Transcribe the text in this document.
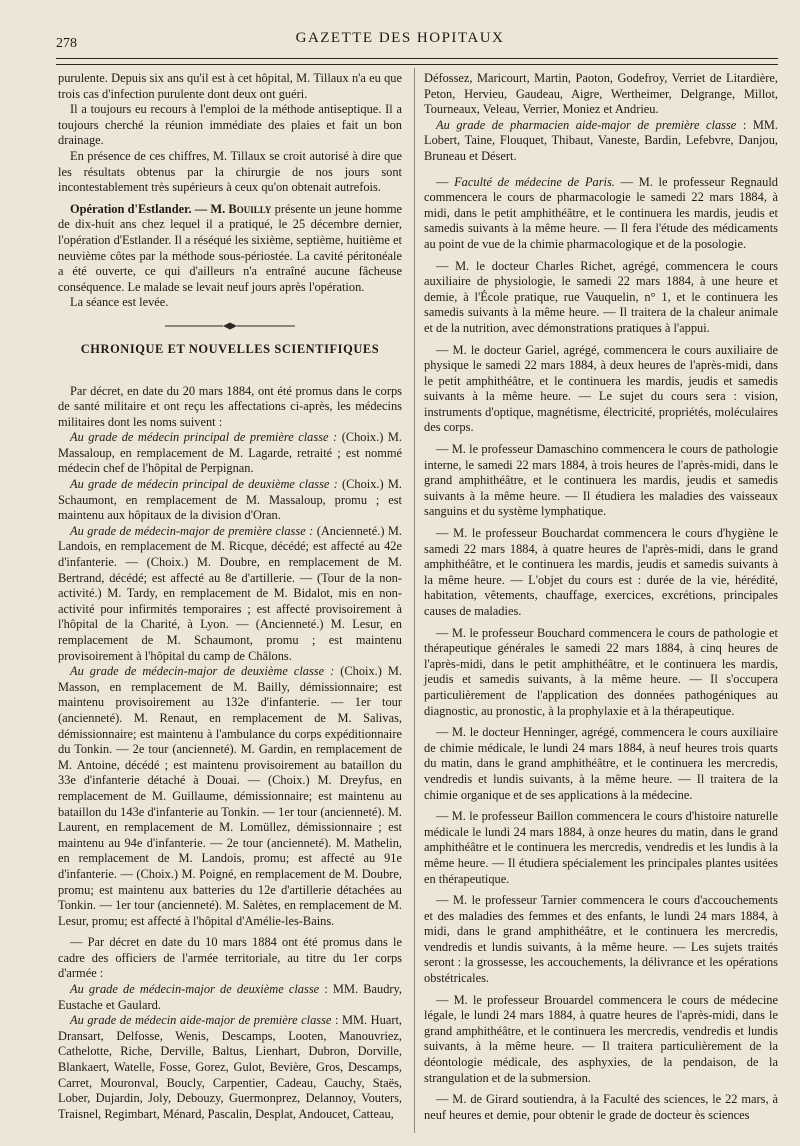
278	GAZETTE DES HOPITAUX

purulente. Depuis six ans qu'il est à cet hôpital, M. Tillaux n'a eu que trois cas d'infection purulente dont deux ont guéri.

Il a toujours eu recours à l'emploi de la méthode antiseptique. Il a toujours cherché la réunion immédiate des plaies et fait un bon drainage.

En présence de ces chiffres, M. Tillaux se croit autorisé à dire que les résultats obtenus par la chirurgie de nos jours sont incontestablement très supérieurs à ceux qu'on obtenait autrefois.

Opération d'Estlander. — M. Bouilly présente un jeune homme de dix-huit ans chez lequel il a pratiqué, le 25 décembre dernier, l'opération d'Estlander. Il a réséqué les sixième, septième, huitième et neuvième côtes par la méthode sous-périostée. La cavité péritonéale a été ouverte, ce qui d'ailleurs n'a entraîné aucune fâcheuse conséquence. Le malade se levait neuf jours après l'opération.

La séance est levée.

CHRONIQUE ET NOUVELLES SCIENTIFIQUES

Par décret, en date du 20 mars 1884, ont été promus dans le corps de santé militaire et ont reçu les affectations ci-après, les médecins militaires dont les noms suivent :

Au grade de médecin principal de première classe : (Choix.) M. Massaloup, en remplacement de M. Lagarde, retraité ; est nommé médecin chef de l'hôpital de Perpignan.

Au grade de médecin principal de deuxième classe : (Choix.) M. Schaumont, en remplacement de M. Massaloup, promu ; est maintenu aux hôpitaux de la division d'Oran.

Au grade de médecin-major de première classe : (Ancienneté.) M. Landois, en remplacement de M. Ricque, décédé; est affecté au 42e d'infanterie. — (Choix.) M. Doubre, en remplacement de M. Bertrand, décédé; est affecté au 8e d'artillerie. — (Tour de la non-activité.) M. Tardy, en remplacement de M. Bidalot, mis en non-activité pour infirmités temporaires ; est affecté provisoirement à l'hôpital de la Charité, à Lyon. — (Ancienneté.) M. Lesur, en remplacement de M. Schaumont, promu ; est maintenu provisoirement à l'hôpital du camp de Châlons.

Au grade de médecin-major de deuxième classe : (Choix.) M. Masson, en remplacement de M. Bailly, démissionnaire; est maintenu provisoirement au 132e d'infanterie. — 1er tour (ancienneté). M. Renaut, en remplacement de M. Salivas, démissionnaire; est maintenu à l'ambulance du corps expéditionnaire du Tonkin. — 2e tour (ancienneté). M. Gardin, en remplacement de M. Antoine, décédé ; est maintenu provisoirement au bataillon du 33e d'infanterie détaché à Douai. — (Choix.) M. Dreyfus, en remplacement de M. Guillaume, démissionnaire; est maintenu au bataillon du 143e d'infanterie au Tonkin. — 1er tour (ancienneté). M. Laurent, en remplacement de M. Lomüllez, démissionnaire ; est maintenu au 94e d'infanterie. — 2e tour (ancienneté). M. Mathelin, en remplacement de M. Landois, promu; est affecté au 91e d'infanterie. — (Choix.) M. Poigné, en remplacement de M. Doubre, promu; est maintenu aux batteries du 12e d'artillerie détachées au Tonkin. — 1er tour (ancienneté). M. Salètes, en remplacement de M. Lesur, promu; est affecté à l'hôpital d'Amélie-les-Bains.

— Par décret en date du 10 mars 1884 ont été promus dans le cadre des officiers de l'armée territoriale, au titre du 1er corps d'armée :

Au grade de médecin-major de deuxième classe : MM. Baudry, Eustache et Gaulard.

Au grade de médecin aide-major de première classe : MM. Huart, Dransart, Delfosse, Wenis, Descamps, Looten, Manouvriez, Cathelotte, Riche, Derville, Baltus, Lienhart, Dubron, Dorville, Blankaert, Watelle, Fosse, Gorez, Gulot, Bevière, Gros, Descamps, Carret, Mouronval, Boucly, Carpentier, Cadeau, Cauchy, Staës, Lober, Dujardin, Joly, Debouzy, Guermonprez, Delannoy, Vouters, Traisnel, Regimbart, Ménard, Pascalin, Desplat, Andoucet, Catteau,

Défossez, Maricourt, Martin, Paoton, Godefroy, Verriet de Litardière, Peton, Hervieu, Gaudeau, Aigre, Wertheimer, Delgrange, Millot, Tourneaux, Veleau, Verrier, Moniez et Andrieu.

Au grade de pharmacien aide-major de première classe : MM. Lobert, Taine, Flouquet, Thibaut, Vaneste, Bardin, Lefebvre, Danjou, Bruneau et Désert.

— Faculté de médecine de Paris. — M. le professeur Regnauld commencera le cours de pharmacologie le samedi 22 mars 1884, à midi, dans le petit amphithéâtre, et le continuera les mardis, jeudis et samedis suivants à la même heure. — Il fera l'étude des médicaments au point de vue de la chimie pharmacologique et de la posologie.

— M. le docteur Charles Richet, agrégé, commencera le cours auxiliaire de physiologie, le samedi 22 mars 1884, à une heure et demie, à l'École pratique, rue Vauquelin, n° 1, et le continuera les samedis suivants à la même heure. — Il traitera de la chaleur animale et de la nutrition, avec démonstrations pratiques à l'appui.

— M. le docteur Gariel, agrégé, commencera le cours auxiliaire de physique le samedi 22 mars 1884, à deux heures de l'après-midi, dans le petit amphithéâtre, et le continuera les mardis, jeudis et samedis suivants à la même heure. — Le sujet du cours sera : vision, instruments d'optique, magnétisme, électricité, propriétés, moléculaires des corps.

— M. le professeur Damaschino commencera le cours de pathologie interne, le samedi 22 mars 1884, à trois heures de l'après-midi, dans le grand amphithéâtre, et le continuera les mardis, jeudis et samedis suivants à la même heure. — Il étudiera les maladies des vaisseaux sanguins et du système lymphatique.

— M. le professeur Bouchardat commencera le cours d'hygiène le samedi 22 mars 1884, à quatre heures de l'après-midi, dans le grand amphithéâtre, et le continuera les mardis, jeudis et samedis suivants à la même heure. — L'objet du cours est : durée de la vie, hérédité, habitation, vêtements, chauffage, exercices, excrétions, principales causes de maladies.

— M. le professeur Bouchard commencera le cours de pathologie et thérapeutique générales le samedi 22 mars 1884, à cinq heures de l'après-midi, dans le petit amphithéâtre, et le continuera les mardis, jeudis et samedis suivants, à la même heure. — Il s'occupera particulièrement de l'application des données pathogéniques au diagnostic, au pronostic, à la prophylaxie et à la thérapeutique.

— M. le docteur Henninger, agrégé, commencera le cours auxiliaire de chimie médicale, le lundi 24 mars 1884, à neuf heures trois quarts du matin, dans le grand amphithéâtre, et le continuera les mercredis, vendredis et lundis suivants, à la même heure. — Il traitera de la chimie organique et de ses applications à la médecine.

— M. le professeur Baillon commencera le cours d'histoire naturelle médicale le lundi 24 mars 1884, à onze heures du matin, dans le grand amphithéâtre et le continuera les mercredis, vendredis et les lundis à la même heure. — Il étudiera spécialement les principales plantes usitées en thérapeutique.

— M. le professeur Tarnier commencera le cours d'accouchements et des maladies des femmes et des enfants, le lundi 24 mars 1884, à midi, dans le grand amphithéâtre, et le continuera les mercredis, vendredis et lundis suivants, à la même heure. — Les sujets traités seront : la grossesse, les accouchements, la délivrance et les opérations obstétricales.

— M. le professeur Brouardel commencera le cours de médecine légale, le lundi 24 mars 1884, à quatre heures de l'après-midi, dans le grand amphithéâtre, et le continuera les mercredis, vendredis et lundis suivants, à la même heure. — Il traitera particulièrement de la déontologie médicale, des asphyxies, de la pendaison, de la strangulation et de la submersion.

— M. de Girard soutiendra, à la Faculté des sciences, le 22 mars, à neuf heures et demie, pour obtenir le grade de docteur ès sciences
